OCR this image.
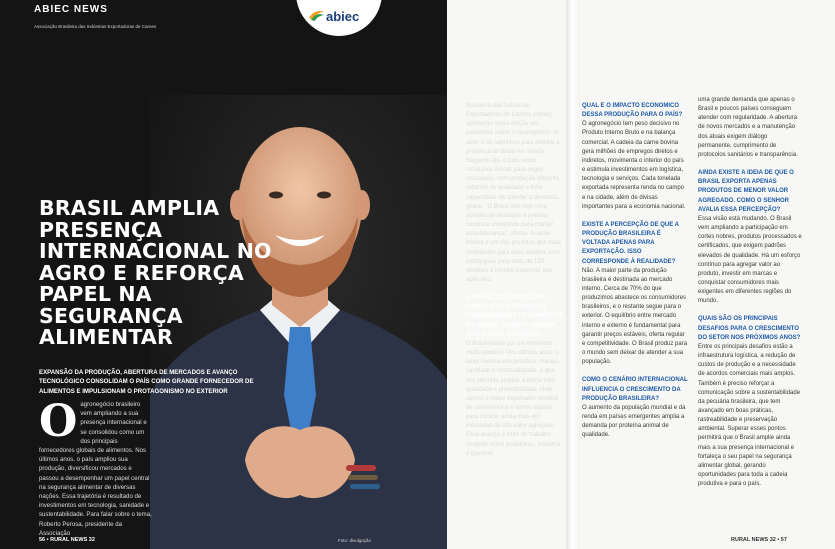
ABIEC NEWS
Associação Brasileira das Indústrias Exportadoras de Carnes
abiec
BRASIL AMPLIA PRESENÇA INTERNACIONAL NO AGRO E REFORÇA PAPEL NA SEGURANÇA ALIMENTAR

EXPANSÃO DA PRODUÇÃO, ABERTURA DE MERCADOS E AVANÇO TECNOLÓGICO CONSOLIDAM O PAÍS COMO GRANDE FORNECEDOR DE ALIMENTOS E IMPULSIONAM O PROTAGONISMO NO EXTERIOR

O agronegócio brasileiro vem ampliando a sua presença internacional e se consolidou como um dos principais fornecedores globais de alimentos. Nos últimos anos, o país ampliou sua produção, diversificou mercados e passou a desempenhar um papel central na segurança alimentar de diversas nações. Essa trajetória é resultado de investimentos em tecnologia, sanidade e sustentabilidade. Para falar sobre o tema, Roberto Perosa, presidente da Associação
56 • RURAL NEWS 32	Foto: divulgação

Brasileira das Indústrias Exportadoras de Carnes (Abiec), apresenta nesta edição um panorama sobre o desempenho do setor e os caminhos para ampliar a presença do Brasil no mundo. Segundo ele, o país reúne condições únicas para seguir crescendo, com produção eficiente, rebanho de qualidade e forte capacidade de atender a demanda global. "O Brasil tem hoje uma posição de destaque e precisa continuar investindo para manter essa liderança", afirma. A carne bovina é um dos produtos que mais contribuem para esse cenário, com embarques para mais de 150 destinos e receita crescente ano após ano.

O BRASIL SE CONSOLIDOU COMO UM DOS PRINCIPAIS FORNECEDORES DE ALIMENTOS DO MUNDO. COMO O SENHOR AVALIA ESSE MOMENTO?

O Brasil passa por um momento muito positivo. Nos últimos anos, o setor investiu em genética, manejo, sanidade e rastreabilidade, o que nos permitiu ampliar a oferta com qualidade e previsibilidade. Hoje somos o maior exportador mundial de carne bovina e temos espaço para crescer ainda mais em mercados de alto valor agregado. Esse avanço é fruto do trabalho conjunto entre produtores, indústria e governo.

QUAL É O IMPACTO ECONÔMICO DESSA PRODUÇÃO PARA O PAÍS?

O agronegócio tem peso decisivo no Produto Interno Bruto e na balança comercial. A cadeia da carne bovina gera milhões de empregos diretos e indiretos, movimenta o interior do país e estimula investimentos em logística, tecnologia e serviços. Cada tonelada exportada representa renda no campo e na cidade, além de divisas importantes para a economia nacional.

EXISTE A PERCEPÇÃO DE QUE A PRODUÇÃO BRASILEIRA É VOLTADA APENAS PARA EXPORTAÇÃO. ISSO CORRESPONDE À REALIDADE?

Não. A maior parte da produção brasileira é destinada ao mercado interno. Cerca de 70% do que produzimos abastece os consumidores brasileiros, e o restante segue para o exterior. O equilíbrio entre mercado interno e externo é fundamental para garantir preços estáveis, oferta regular e competitividade. O Brasil produz para o mundo sem deixar de atender a sua população.

COMO O CENÁRIO INTERNACIONAL INFLUENCIA O CRESCIMENTO DA PRODUÇÃO BRASILEIRA?

O aumento da população mundial e da renda em países emergentes amplia a demanda por proteína animal de qualidade.

uma grande demanda que apenas o Brasil e poucos países conseguem atender com regularidade. A abertura de novos mercados e a manutenção dos atuais exigem diálogo permanente, cumprimento de protocolos sanitários e transparência.

AINDA EXISTE A IDEIA DE QUE O BRASIL EXPORTA APENAS PRODUTOS DE MENOR VALOR AGREGADO. COMO O SENHOR AVALIA ESSA PERCEPÇÃO?

Essa visão está mudando. O Brasil vem ampliando a participação em cortes nobres, produtos processados e certificados, que exigem padrões elevados de qualidade. Há um esforço contínuo para agregar valor ao produto, investir em marcas e conquistar consumidores mais exigentes em diferentes regiões do mundo.

QUAIS SÃO OS PRINCIPAIS DESAFIOS PARA O CRESCIMENTO DO SETOR NOS PRÓXIMOS ANOS?

Entre os principais desafios estão a infraestrutura logística, a redução de custos de produção e a necessidade de acordos comerciais mais amplos. Também é preciso reforçar a comunicação sobre a sustentabilidade da pecuária brasileira, que tem avançado em boas práticas, rastreabilidade e preservação ambiental. Superar esses pontos permitirá que o Brasil amplie ainda mais a sua presença internacional e fortaleça o seu papel na segurança alimentar global, gerando oportunidades para toda a cadeia produtiva e para o país.

RURAL NEWS 32 • 57
